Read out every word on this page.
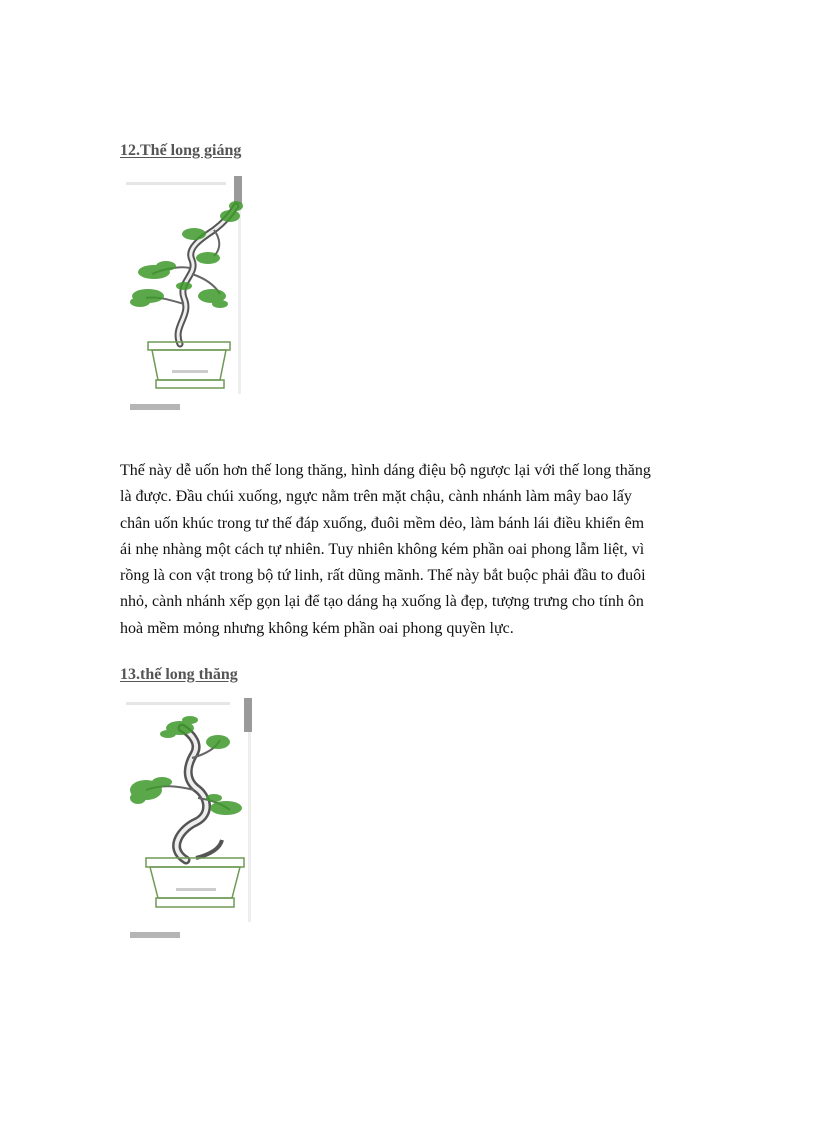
12.Thế long giáng
Thế này dễ uốn hơn thế long thăng, hình dáng điệu bộ ngược lại với thế long thăng
là được. Đầu chúi xuống, ngực nằm trên mặt chậu, cành nhánh làm mây bao lấy
chân uốn khúc trong tư thế đáp xuống, đuôi mềm dẻo, làm bánh lái điều khiển êm
ái nhẹ nhàng một cách tự nhiên. Tuy nhiên không kém phần oai phong lẫm liệt, vì
rồng là con vật trong bộ tứ linh, rất dũng mãnh. Thế này bắt buộc phải đầu to đuôi
nhỏ, cành nhánh xếp gọn lại để tạo dáng hạ xuống là đẹp, tượng trưng cho tính ôn
hoà mềm mỏng nhưng không kém phần oai phong quyền lực.
13.thế long thăng
